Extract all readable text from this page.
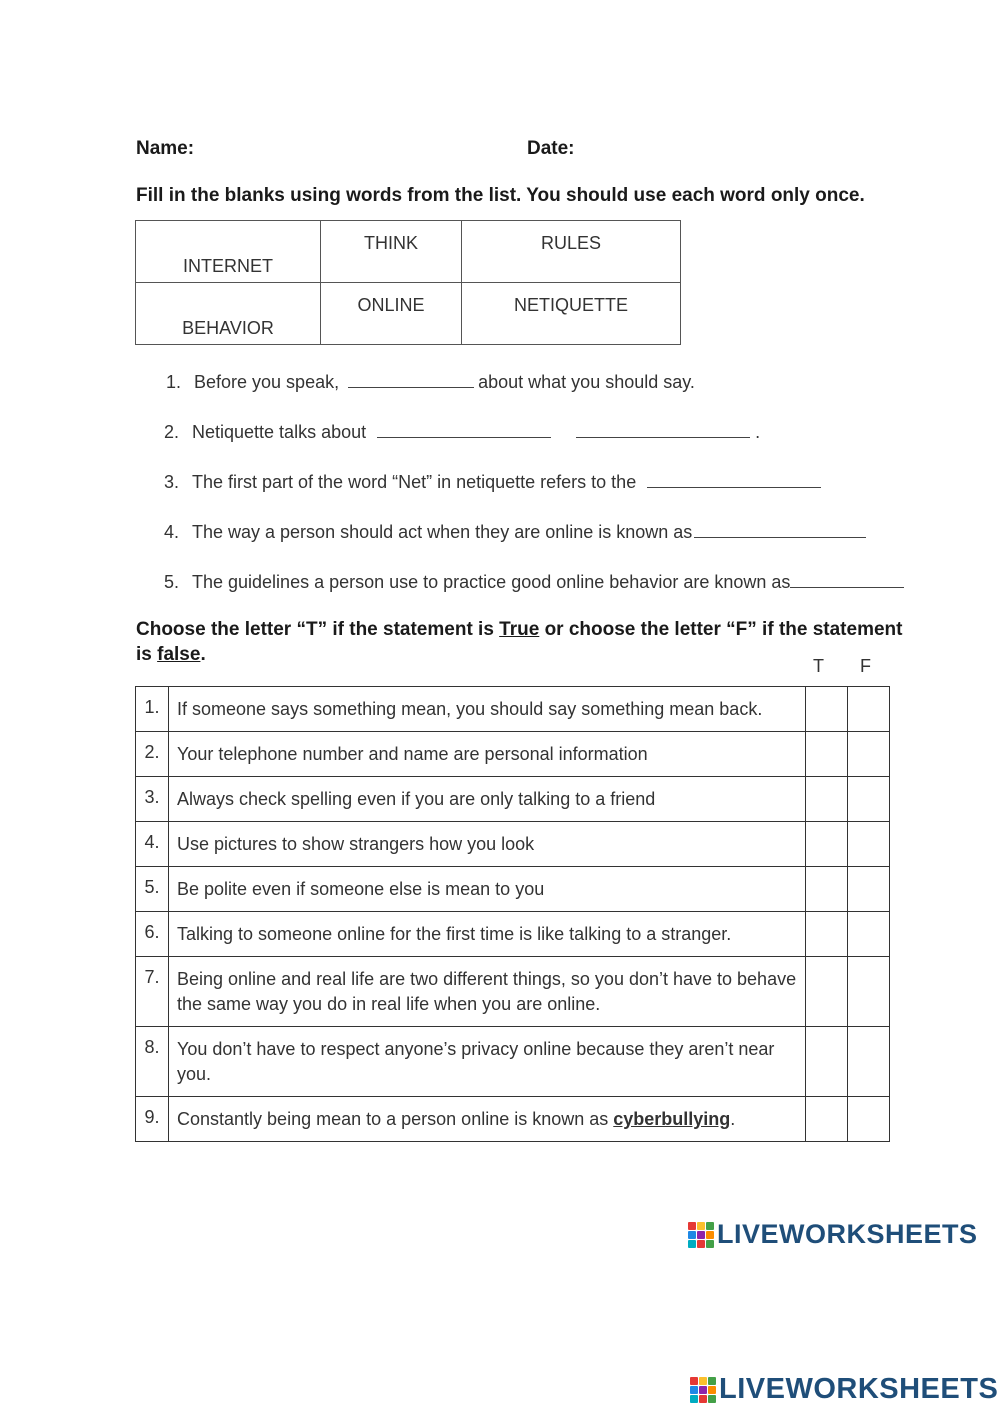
Name:	Date:
Fill in the blanks using words from the list. You should use each word only once.
INTERNET	THINK	RULES
BEHAVIOR	ONLINE	NETIQUETTE
1. Before you speak,	about what you should say.
2. Netiquette talks about	.
3. The first part of the word “Net” in netiquette refers to the
4. The way a person should act when they are online is known as
5. The guidelines a person use to practice good online behavior are known as
Choose the letter “T” if the statement is True or choose the letter “F” if the statement
is false.
T F
1.	If someone says something mean, you should say something mean back.		
2.	Your telephone number and name are personal information		
3.	Always check spelling even if you are only talking to a friend		
4.	Use pictures to show strangers how you look		
5.	Be polite even if someone else is mean to you		
6.	Talking to someone online for the first time is like talking to a stranger.		
7.	Being online and real life are two different things, so you don’t have to behave the same way you do in real life when you are online.		
8.	You don’t have to respect anyone’s privacy online because they aren’t near you.		
9.	Constantly being mean to a person online is known as cyberbullying.		
LIVEWORKSHEETS
LIVEWORKSHEETS
